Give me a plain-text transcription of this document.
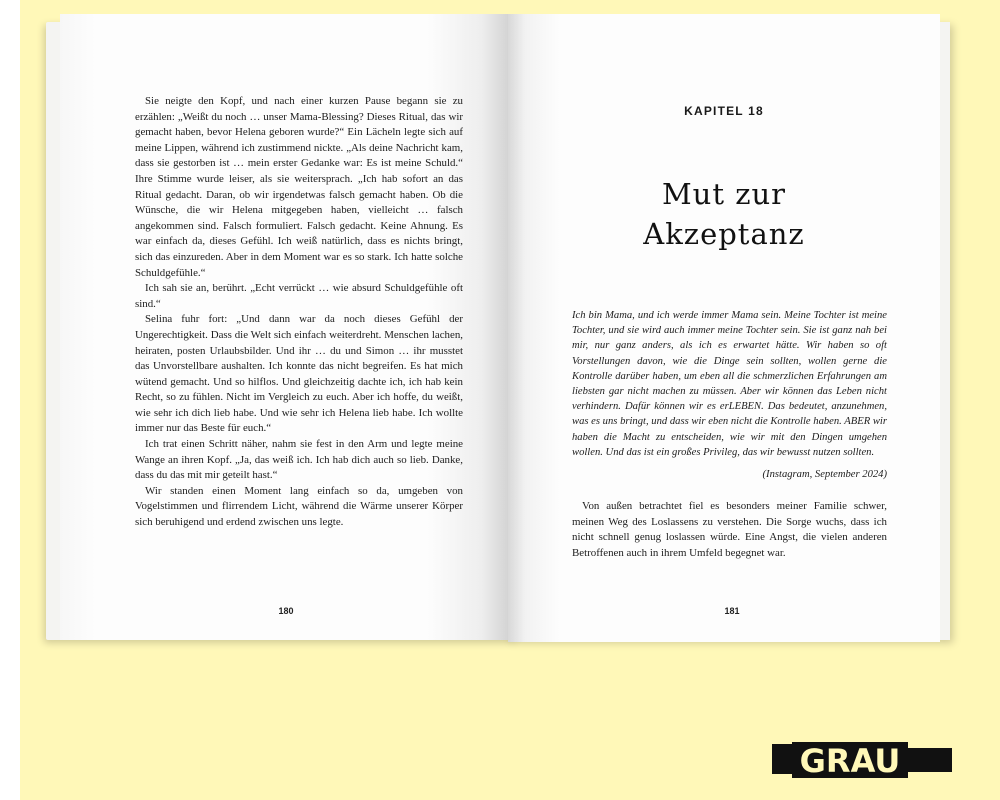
Sie neigte den Kopf, und nach einer kurzen Pause begann sie zu erzählen: „Weißt du noch … unser Mama-Blessing? Dieses Ritual, das wir gemacht haben, bevor Helena geboren wurde?“ Ein Lächeln legte sich auf meine Lippen, während ich zustimmend nickte. „Als deine Nachricht kam, dass sie gestorben ist … mein erster Gedanke war: Es ist meine Schuld.“ Ihre Stimme wurde leiser, als sie weitersprach. „Ich hab sofort an das Ritual gedacht. Daran, ob wir irgendetwas falsch gemacht haben. Ob die Wünsche, die wir Helena mitgegeben haben, vielleicht … falsch angekommen sind. Falsch formuliert. Falsch gedacht. Keine Ahnung. Es war einfach da, dieses Gefühl. Ich weiß natürlich, dass es nichts bringt, sich das einzureden. Aber in dem Moment war es so stark. Ich hatte solche Schuldgefühle.“

Ich sah sie an, berührt. „Echt verrückt … wie absurd Schuldgefühle oft sind.“

Selina fuhr fort: „Und dann war da noch dieses Gefühl der Ungerechtigkeit. Dass die Welt sich einfach weiterdreht. Menschen lachen, heiraten, posten Urlaubsbilder. Und ihr … du und Simon … ihr musstet das Unvorstellbare aushalten. Ich konnte das nicht begreifen. Es hat mich wütend gemacht. Und so hilflos. Und gleichzeitig dachte ich, ich hab kein Recht, so zu fühlen. Nicht im Vergleich zu euch. Aber ich hoffe, du weißt, wie sehr ich dich lieb habe. Und wie sehr ich Helena lieb habe. Ich wollte immer nur das Beste für euch.“

Ich trat einen Schritt näher, nahm sie fest in den Arm und legte meine Wange an ihren Kopf. „Ja, das weiß ich. Ich hab dich auch so lieb. Danke, dass du das mit mir geteilt hast.“

Wir standen einen Moment lang einfach so da, umgeben von Vogelstimmen und flirrendem Licht, während die Wärme unserer Körper sich beruhigend und erdend zwischen uns legte.

180
KAPITEL 18
Mut zur
Akzeptanz
Ich bin Mama, und ich werde immer Mama sein. Meine Tochter ist meine Tochter, und sie wird auch immer meine Tochter sein. Sie ist ganz nah bei mir, nur ganz anders, als ich es erwartet hätte. Wir haben so oft Vorstellungen davon, wie die Dinge sein sollten, wollen gerne die Kontrolle darüber haben, um eben all die schmerzlichen Erfahrungen am liebsten gar nicht machen zu müssen. Aber wir können das Leben nicht verhindern. Dafür können wir es erLEBEN. Das bedeutet, anzunehmen, was es uns bringt, und dass wir eben nicht die Kontrolle haben. ABER wir haben die Macht zu entscheiden, wie wir mit den Dingen umgehen wollen. Und das ist ein großes Privileg, das wir bewusst nutzen sollten.
(Instagram, September 2024)

Von außen betrachtet fiel es besonders meiner Familie schwer, meinen Weg des Loslassens zu verstehen. Die Sorge wuchs, dass ich nicht schnell genug loslassen würde. Eine Angst, die vielen anderen Betroffenen auch in ihrem Umfeld begegnet war.

181
GRAU
